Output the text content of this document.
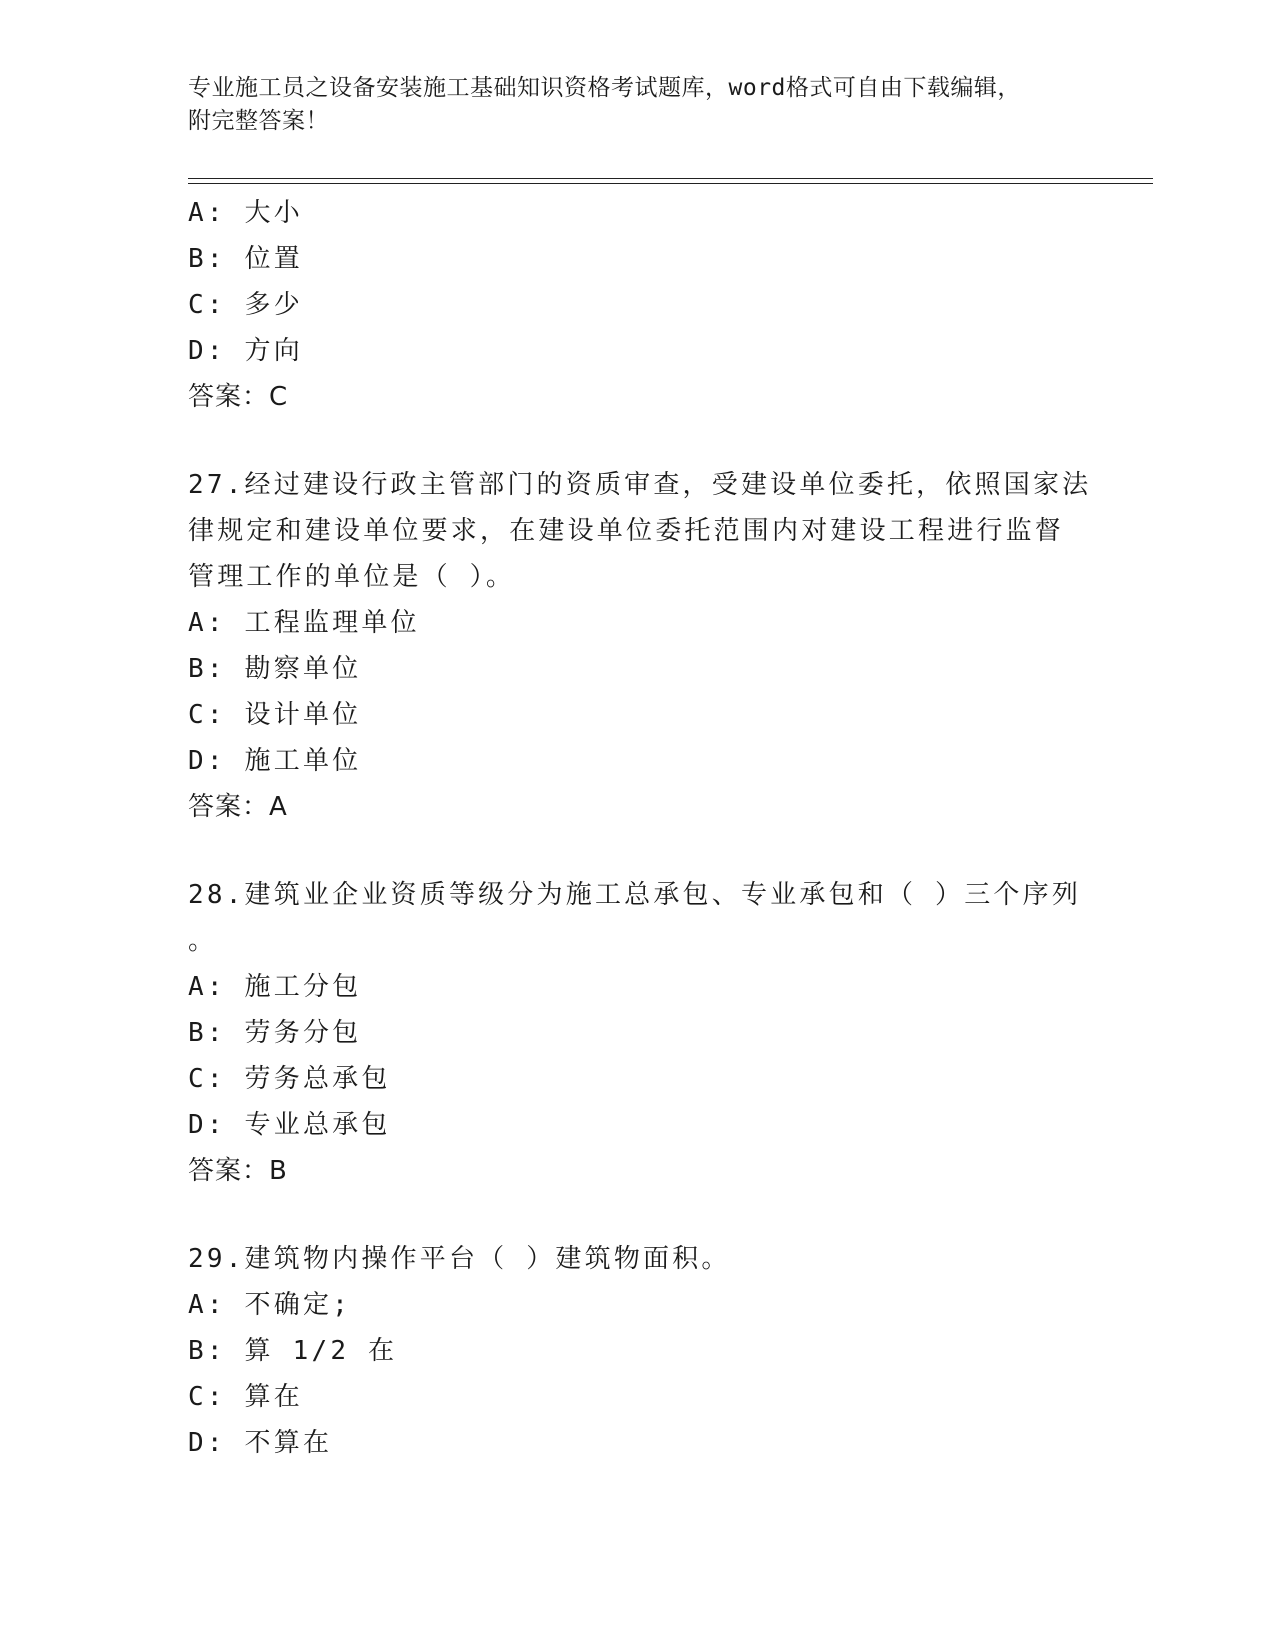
专业施工员之设备安装施工基础知识资格考试题库，word格式可自由下载编辑，
附完整答案！
A: 大小
B: 位置
C: 多少
D: 方向
答案：C
27.经过建设行政主管部门的资质审查，受建设单位委托，依照国家法
律规定和建设单位要求，在建设单位委托范围内对建设工程进行监督
管理工作的单位是（ ）。
A: 工程监理单位
B: 勘察单位
C: 设计单位
D: 施工单位
答案：A
28.建筑业企业资质等级分为施工总承包、专业承包和（ ）三个序列
。
A: 施工分包
B: 劳务分包
C: 劳务总承包
D: 专业总承包
答案：B
29.建筑物内操作平台（ ）建筑物面积。
A: 不确定;
B: 算 1/2 在
C: 算在
D: 不算在
